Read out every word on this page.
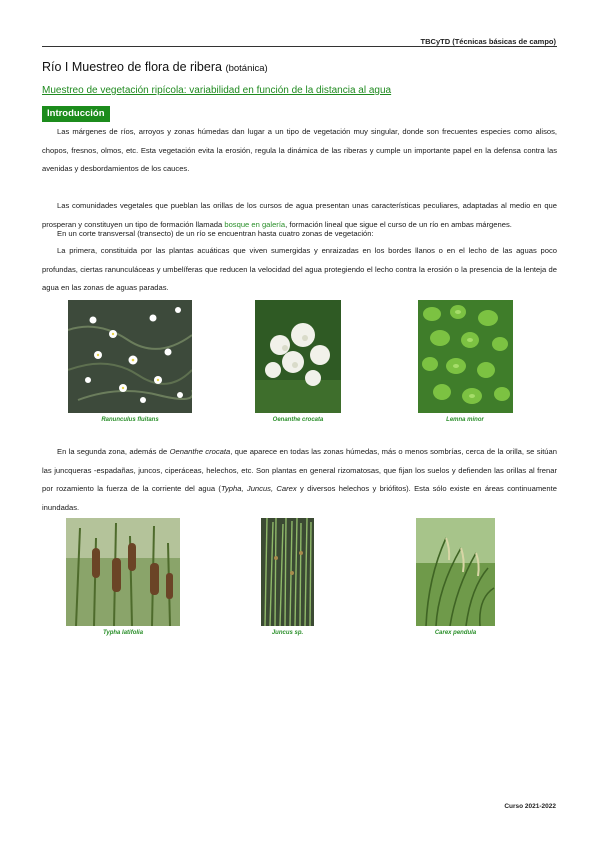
TBCyTD (Técnicas básicas de campo)
Río I Muestreo de flora de ribera (botánica)
Muestreo de vegetación ripícola: variabilidad en función de la distancia al agua
Introducción
Las márgenes de ríos, arroyos y zonas húmedas dan lugar a un tipo de vegetación muy singular, donde son frecuentes especies como alisos, chopos, fresnos, olmos, etc. Esta vegetación evita la erosión, regula la dinámica de las riberas y cumple un importante papel en la defensa contra las avenidas y desbordamientos de los cauces.
Las comunidades vegetales que pueblan las orillas de los cursos de agua presentan unas características peculiares, adaptadas al medio en que prosperan y constituyen un tipo de formación llamada bosque en galería, formación lineal que sigue el curso de un río en ambas márgenes.
En un corte transversal (transecto) de un río se encuentran hasta cuatro zonas de vegetación:
La primera, constituida por las plantas acuáticas que viven sumergidas y enraizadas en los bordes llanos o en el lecho de las aguas poco profundas, ciertas ranunculáceas y umbelíferas que reducen la velocidad del agua protegiendo el lecho contra la erosión o la presencia de la lenteja de agua en las zonas de aguas paradas.
Ranunculus fluitans	Oenanthe crocata	Lemna minor
En la segunda zona, además de Oenanthe crocata, que aparece en todas las zonas húmedas, más o menos sombrías, cerca de la orilla, se sitúan las juncqueras -espadañas, juncos, ciperáceas, helechos, etc. Son plantas en general rizomatosas, que fijan los suelos y defienden las orillas al frenar por rozamiento la fuerza de la corriente del agua (Typha, Juncus, Carex y diversos helechos y briófitos). Esta sólo existe en áreas continuamente inundadas.
Typha latifolia	Juncus sp.	Carex pendula
Curso 2021-2022
